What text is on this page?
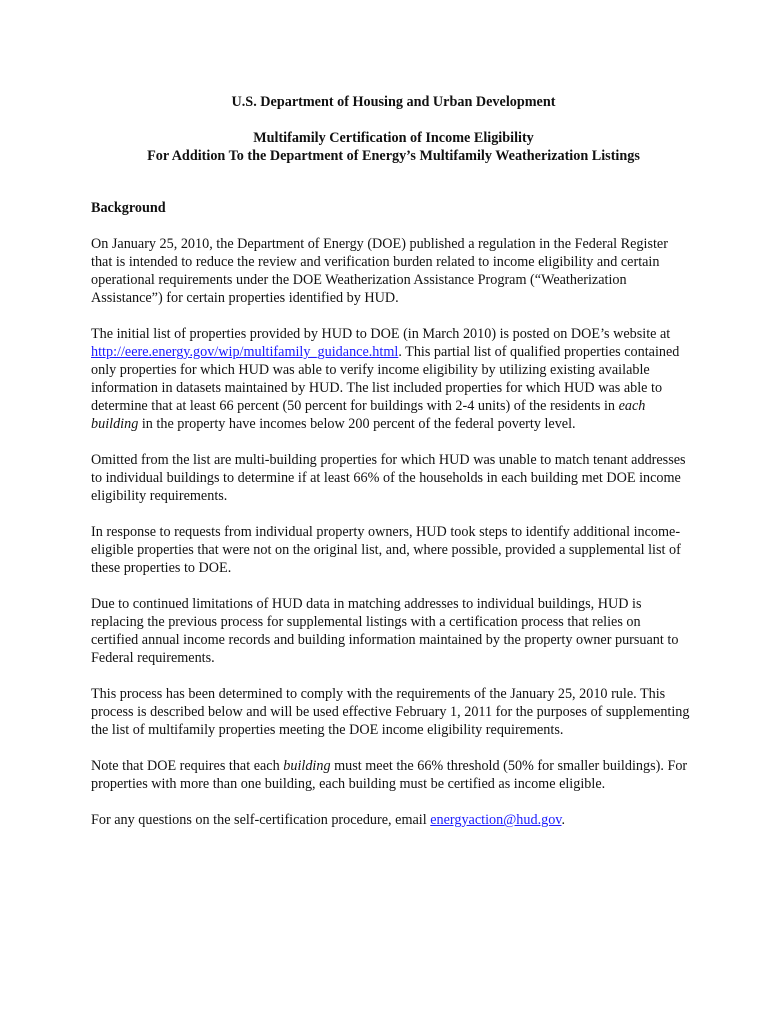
U.S. Department of Housing and Urban Development
Multifamily Certification of Income Eligibility
For Addition To the Department of Energy’s Multifamily Weatherization Listings
Background

On January 25, 2010, the Department of Energy (DOE) published a regulation in the Federal Register that is intended to reduce the review and verification burden related to income eligibility and certain operational requirements under the DOE Weatherization Assistance Program (“Weatherization Assistance”) for certain properties identified by HUD.

The initial list of properties provided by HUD to DOE (in March 2010) is posted on DOE’s website at http://eere.energy.gov/wip/multifamily_guidance.html. This partial list of qualified properties contained only properties for which HUD was able to verify income eligibility by utilizing existing available information in datasets maintained by HUD. The list included properties for which HUD was able to determine that at least 66 percent (50 percent for buildings with 2-4 units) of the residents in each building in the property have incomes below 200 percent of the federal poverty level.

Omitted from the list are multi-building properties for which HUD was unable to match tenant addresses to individual buildings to determine if at least 66% of the households in each building met DOE income eligibility requirements.

In response to requests from individual property owners, HUD took steps to identify additional income-eligible properties that were not on the original list, and, where possible, provided a supplemental list of these properties to DOE.

Due to continued limitations of HUD data in matching addresses to individual buildings, HUD is replacing the previous process for supplemental listings with a certification process that relies on certified annual income records and building information maintained by the property owner pursuant to Federal requirements.

This process has been determined to comply with the requirements of the January 25, 2010 rule. This process is described below and will be used effective February 1, 2011 for the purposes of supplementing the list of multifamily properties meeting the DOE income eligibility requirements.

Note that DOE requires that each building must meet the 66% threshold (50% for smaller buildings). For properties with more than one building, each building must be certified as income eligible.

For any questions on the self-certification procedure, email energyaction@hud.gov.
